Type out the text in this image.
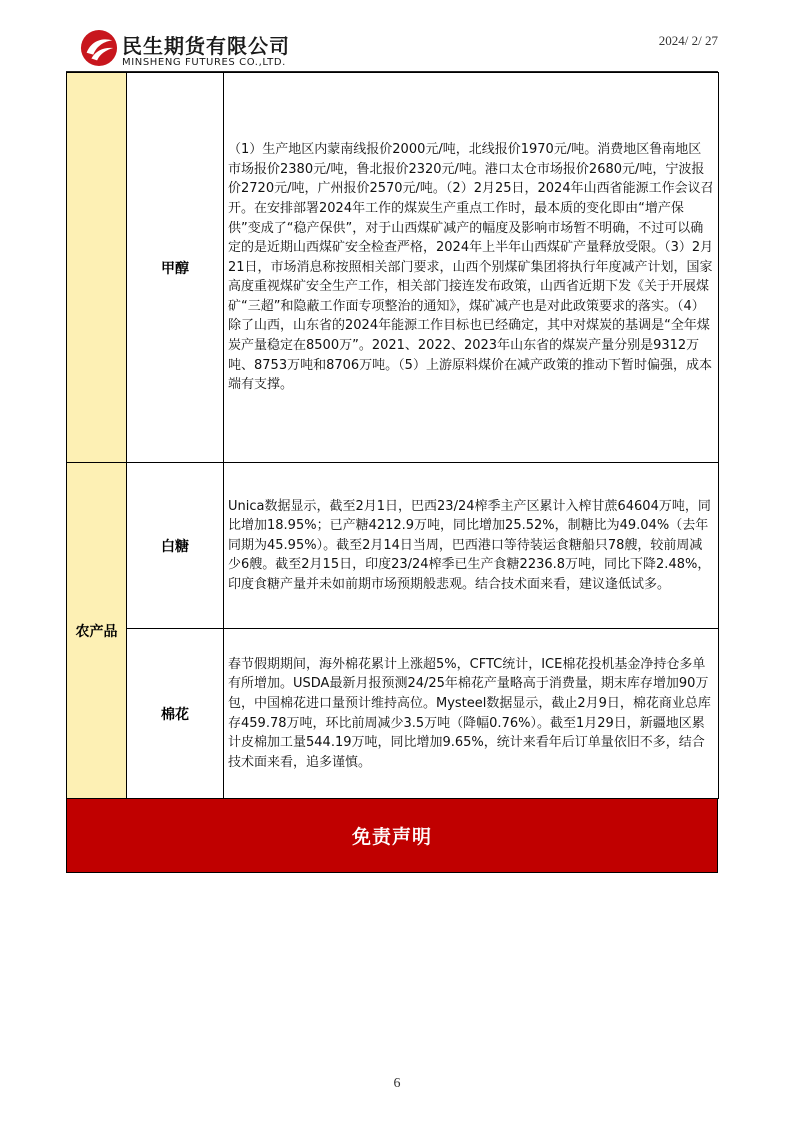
民生期货有限公司
MINSHENG FUTURES CO.,LTD.
2024/ 2/ 27
	甲醇	（1）生产地区内蒙南线报价2000元/吨，北线报价1970元/吨。消费地区鲁南地区市场报价2380元/吨，鲁北报价2320元/吨。港口太仓市场报价2680元/吨，宁波报价2720元/吨，广州报价2570元/吨。（2）2月25日，2024年山西省能源工作会议召开。在安排部署2024年工作的煤炭生产重点工作时，最本质的变化即由“增产保供”变成了“稳产保供”，对于山西煤矿减产的幅度及影响市场暂不明确，不过可以确定的是近期山西煤矿安全检查严格，2024年上半年山西煤矿产量释放受限。（3）2月21日，市场消息称按照相关部门要求，山西个别煤矿集团将执行年度减产计划，国家高度重视煤矿安全生产工作，相关部门接连发布政策，山西省近期下发《关于开展煤矿“三超”和隐蔽工作面专项整治的通知》，煤矿减产也是对此政策要求的落实。（4）除了山西，山东省的2024年能源工作目标也已经确定，其中对煤炭的基调是“全年煤炭产量稳定在8500万”。2021、2022、2023年山东省的煤炭产量分别是9312万吨、8753万吨和8706万吨。（5）上游原料煤价在减产政策的推动下暂时偏强，成本端有支撑。

农产品	白糖	Unica数据显示，截至2月1日，巴西23/24榨季主产区累计入榨甘蔗64604万吨，同比增加18.95%；已产糖4212.9万吨，同比增加25.52%，制糖比为49.04%（去年同期为45.95%）。截至2月14日当周，巴西港口等待装运食糖船只78艘，较前周减少6艘。截至2月15日，印度23/24榨季已生产食糖2236.8万吨，同比下降2.48%，印度食糖产量并未如前期市场预期般悲观。结合技术面来看，建议逢低试多。

	棉花	春节假期期间，海外棉花累计上涨超5%，CFTC统计，ICE棉花投机基金净持仓多单有所增加。USDA最新月报预测24/25年棉花产量略高于消费量，期末库存增加90万包，中国棉花进口量预计维持高位。Mysteel数据显示，截止2月9日，棉花商业总库存459.78万吨，环比前周减少3.5万吨（降幅0.76%）。截至1月29日，新疆地区累计皮棉加工量544.19万吨，同比增加9.65%，统计来看年后订单量依旧不多，结合技术面来看，追多谨慎。

免责声明
6
